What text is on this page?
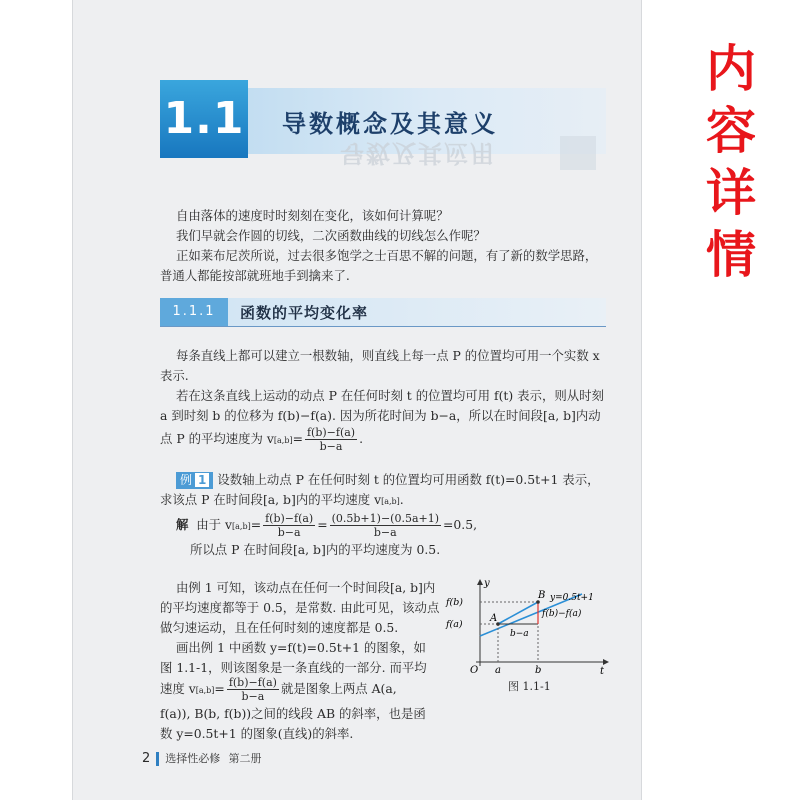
内
容
详
情
导数及其应用
1.1 导数概念及其意义
自由落体的速度时时刻刻在变化，该如何计算呢？
我们早就会作圆的切线，二次函数曲线的切线怎么作呢？
正如莱布尼茨所说，过去很多饱学之士百思不解的问题，有了新的数学思路，
普通人都能按部就班地手到擒来了.
1.1.1	函数的平均变化率
每条直线上都可以建立一根数轴，则直线上每一点 P 的位置均可用一个实数 x
表示.
若在这条直线上运动的动点 P 在任何时刻 t 的位置均可用 f(t) 表示，则从时刻
a 到时刻 b 的位移为 f(b)−f(a). 因为所花时间为 b−a，所以在时间段[a, b]内动
点 P 的平均速度为 $v[a,b]= \frac{f(b)-f(a)}{b-a}$ .
例 1 设数轴上动点 P 在任何时刻 t 的位置均可用函数 f(t)=0.5t+1 表示，
求该点 P 在时间段[a, b]内的平均速度 v[a,b].
解 由于 $v[a,b]= \frac{f(b)-f(a)}{b-a} = \frac{(0.5b+1)-(0.5a+1)}{b-a} =0.5$,
所以点 P 在时间段[a, b]内的平均速度为 0.5.
由例 1 可知，该动点在任何一个时间段[a, b]内
的平均速度都等于 0.5，是常数. 由此可见，该动点
做匀速运动，且在任何时刻的速度都是 0.5.
画出例 1 中函数 y=f(t)=0.5t+1 的图象，如
图 1.1-1，则该图象是一条直线的一部分. 而平均
速度 $v[a,b]= \frac{f(b)-f(a)}{b-a}$ 就是图象上两点 A(a,
f(a)), B(b, f(b))之间的线段 AB 的斜率，也是函
数 y=0.5t+1 的图象(直线)的斜率.
y
t
O a	b
f(a)
f(b)
A
B y=0.5t+1
f(b)−f(a)
b−a
图 1.1-1
2 选择性必修 第二册
